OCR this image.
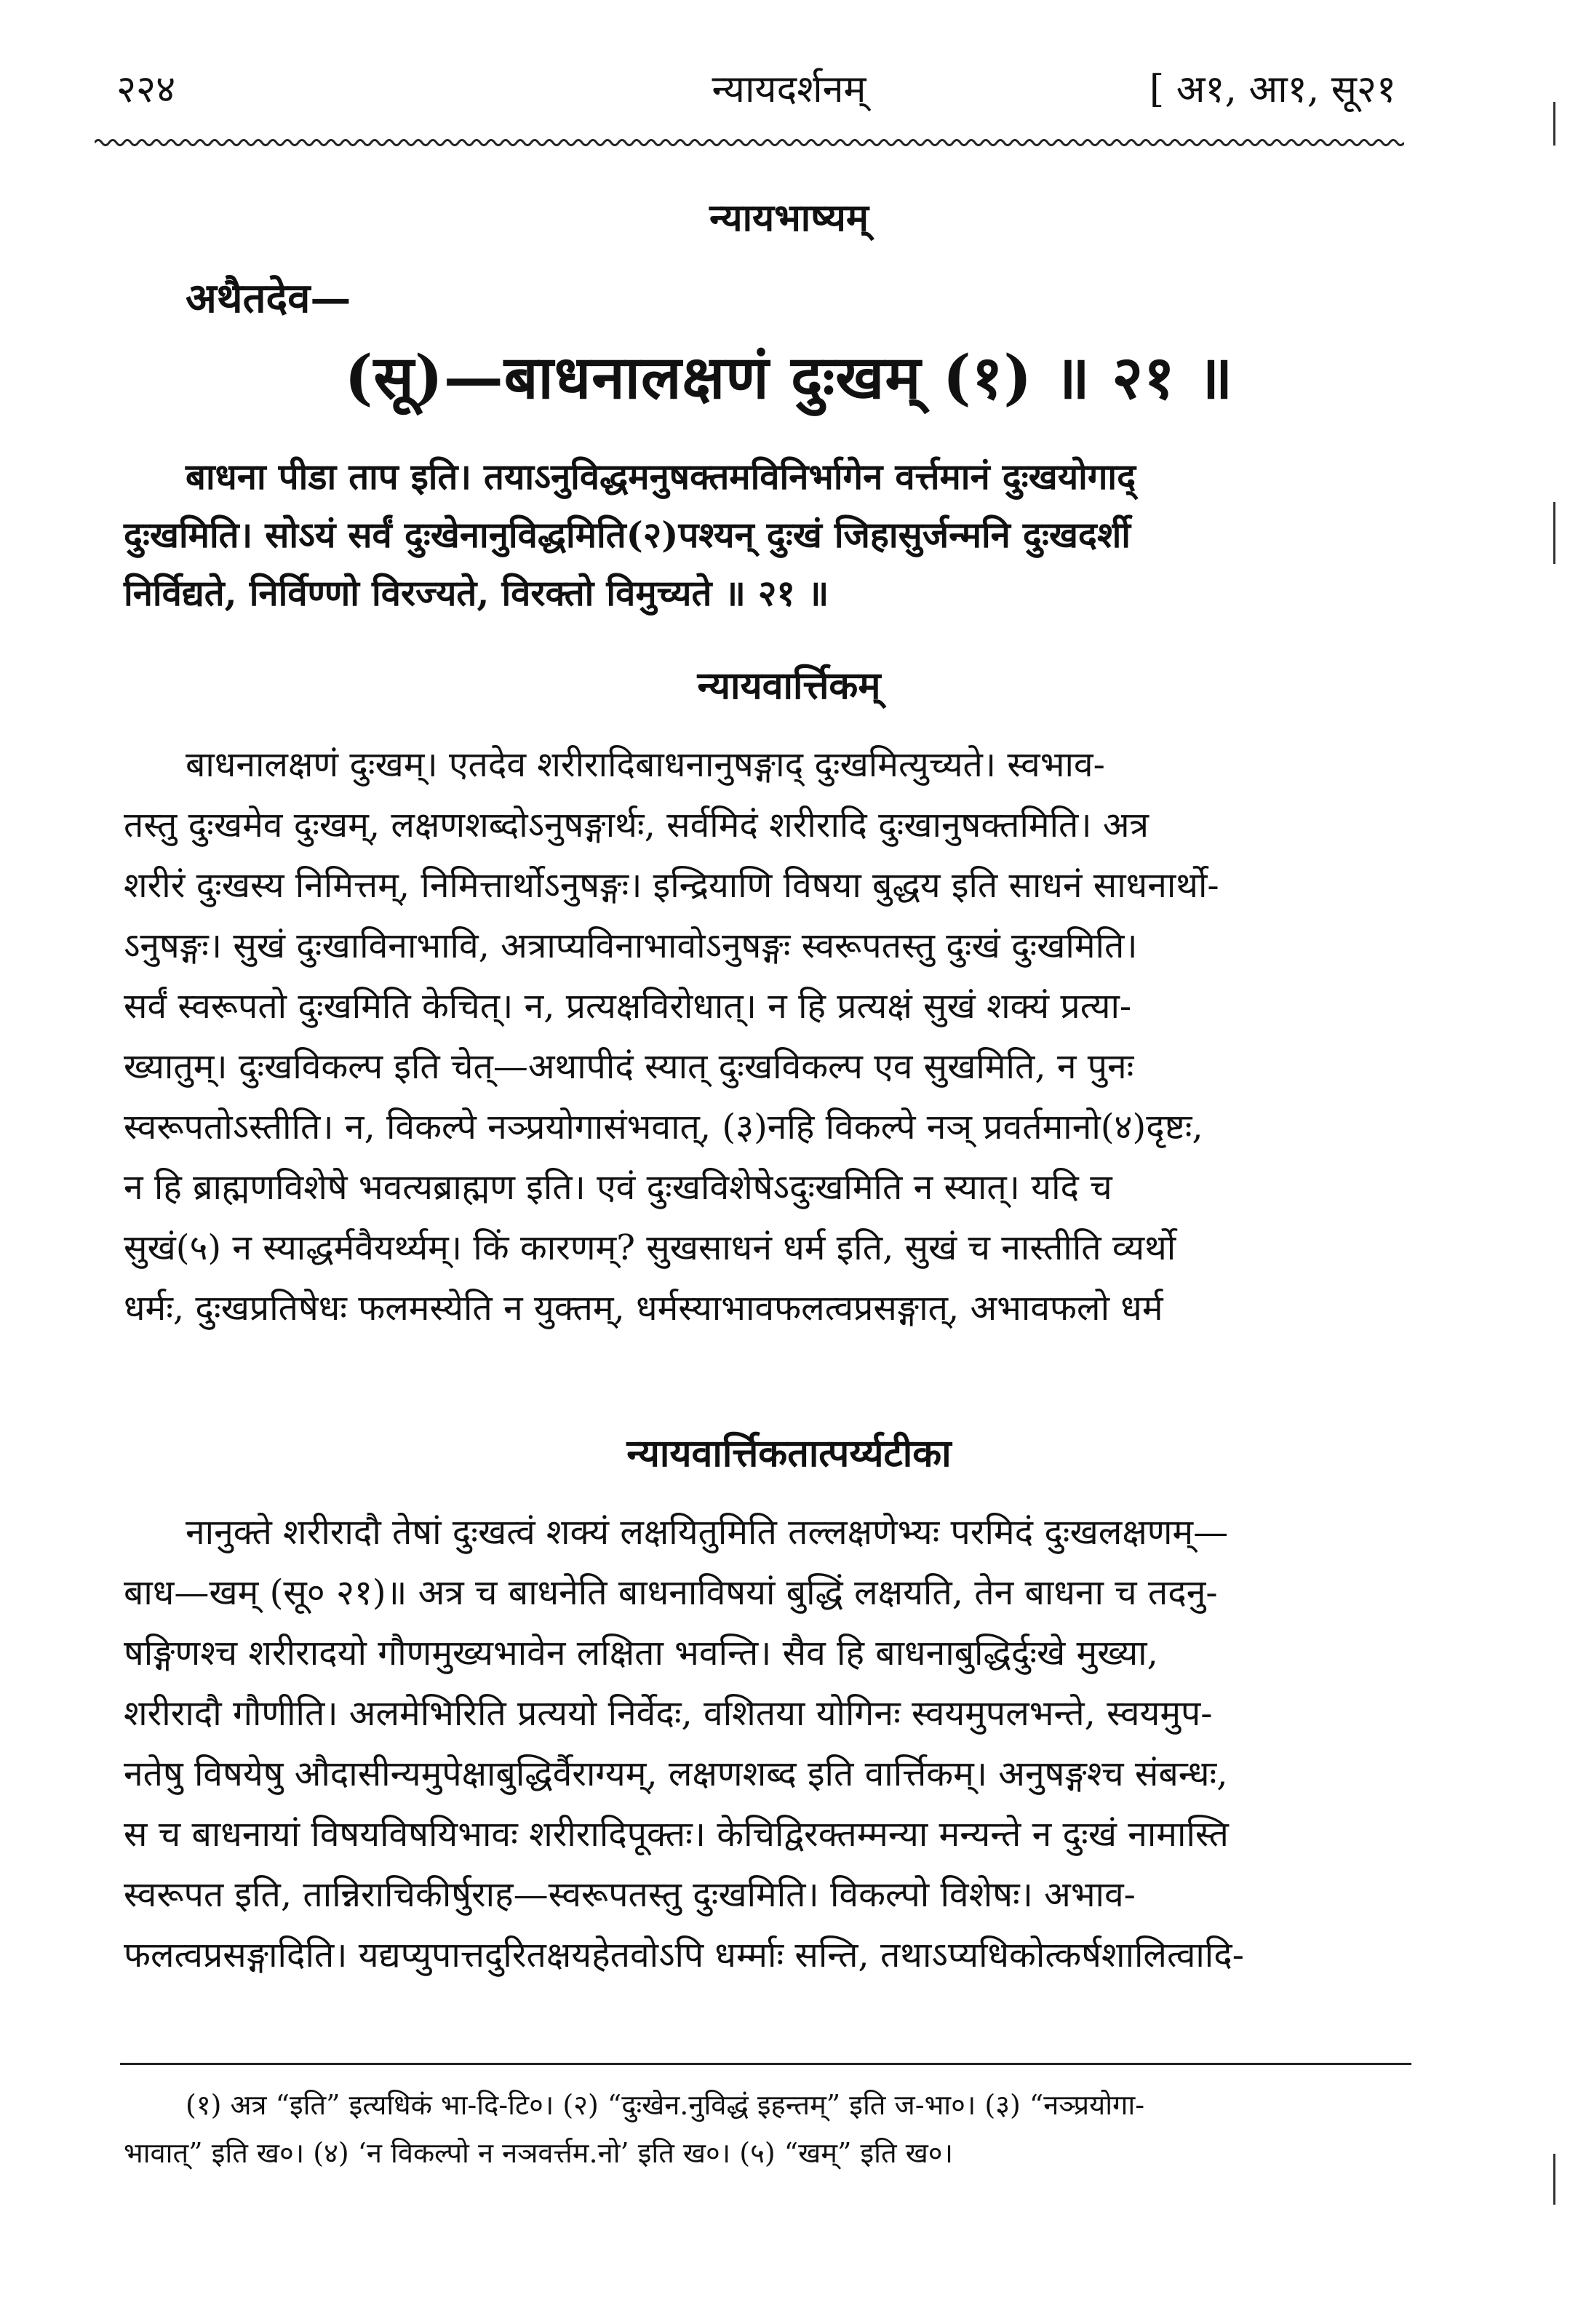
२२४	न्यायदर्शनम्	[ अ१, आ१, सू२१
न्यायभाष्यम्
अथैतदेव—
(सू)—बाधनालक्षणं दुःखम् (१) ॥ २१ ॥
बाधना पीडा ताप इति। तयाऽनुविद्धमनुषक्तमविनिर्भागेन वर्त्तमानं दुःखयोगाद्
दुःखमिति। सोऽयं सर्वं दुःखेनानुविद्धमिति(२)पश्यन् दुःखं जिहासुर्जन्मनि दुःखदर्शी
निर्विद्यते, निर्विण्णो विरज्यते, विरक्तो विमुच्यते ॥ २१ ॥
न्यायवार्त्तिकम्
बाधनालक्षणं दुःखम्। एतदेव शरीरादिबाधनानुषङ्गाद् दुःखमित्युच्यते। स्वभाव-
तस्तु दुःखमेव दुःखम्, लक्षणशब्दोऽनुषङ्गार्थः, सर्वमिदं शरीरादि दुःखानुषक्तमिति। अत्र
शरीरं दुःखस्य निमित्तम्, निमित्तार्थोऽनुषङ्गः। इन्द्रियाणि विषया बुद्धय इति साधनं साधनार्थो-
ऽनुषङ्गः। सुखं दुःखाविनाभावि, अत्राप्यविनाभावोऽनुषङ्गः स्वरूपतस्तु दुःखं दुःखमिति।
सर्वं स्वरूपतो दुःखमिति केचित्। न, प्रत्यक्षविरोधात्। न हि प्रत्यक्षं सुखं शक्यं प्रत्या-
ख्यातुम्। दुःखविकल्प इति चेत्—अथापीदं स्यात् दुःखविकल्प एव सुखमिति, न पुनः
स्वरूपतोऽस्तीति। न, विकल्पे नञ्प्रयोगासंभवात्, (३)नहि विकल्पे नञ् प्रवर्तमानो(४)दृष्टः,
न हि ब्राह्मणविशेषे भवत्यब्राह्मण इति। एवं दुःखविशेषेऽदुःखमिति न स्यात्। यदि च
सुखं(५) न स्याद्धर्मवैयर्थ्यम्। किं कारणम्? सुखसाधनं धर्म इति, सुखं च नास्तीति व्यर्थो
धर्मः, दुःखप्रतिषेधः फलमस्येति न युक्तम्, धर्मस्याभावफलत्वप्रसङ्गात्, अभावफलो धर्म
न्यायवार्त्तिकतात्पर्य्यटीका
नानुक्ते शरीरादौ तेषां दुःखत्वं शक्यं लक्षयितुमिति तल्लक्षणेभ्यः परमिदं दुःखलक्षणम्—
बाध—खम् (सू० २१)॥ अत्र च बाधनेति बाधनाविषयां बुद्धिं लक्षयति, तेन बाधना च तदनु-
षङ्गिणश्च शरीरादयो गौणमुख्यभावेन लक्षिता भवन्ति। सैव हि बाधनाबुद्धिर्दुःखे मुख्या,
शरीरादौ गौणीति। अलमेभिरिति प्रत्ययो निर्वेदः, वशितया योगिनः स्वयमुपलभन्ते, स्वयमुप-
नतेषु विषयेषु औदासीन्यमुपेक्षाबुद्धिर्वैराग्यम्, लक्षणशब्द इति वार्त्तिकम्। अनुषङ्गश्च संबन्धः,
स च बाधनायां विषयविषयिभावः शरीरादिपूक्तः। केचिद्विरक्तम्मन्या मन्यन्ते न दुःखं नामास्ति
स्वरूपत इति, तान्निराचिकीर्षुराह—स्वरूपतस्तु दुःखमिति। विकल्पो विशेषः। अभाव-
फलत्वप्रसङ्गादिति। यद्यप्युपात्तदुरितक्षयहेतवोऽपि धर्म्माः सन्ति, तथाऽप्यधिकोत्कर्षशालित्वादि-
(१) अत्र “इति” इत्यधिकं भा-दि-टि०। (२) “दुःखेन.नुविद्धं इहन्तम्” इति ज-भा०। (३) “नञ्प्रयोगा-
भावात्” इति ख०। (४) ‘न विकल्पो न नञवर्त्तम.नो’ इति ख०। (५) “खम्” इति ख०।
